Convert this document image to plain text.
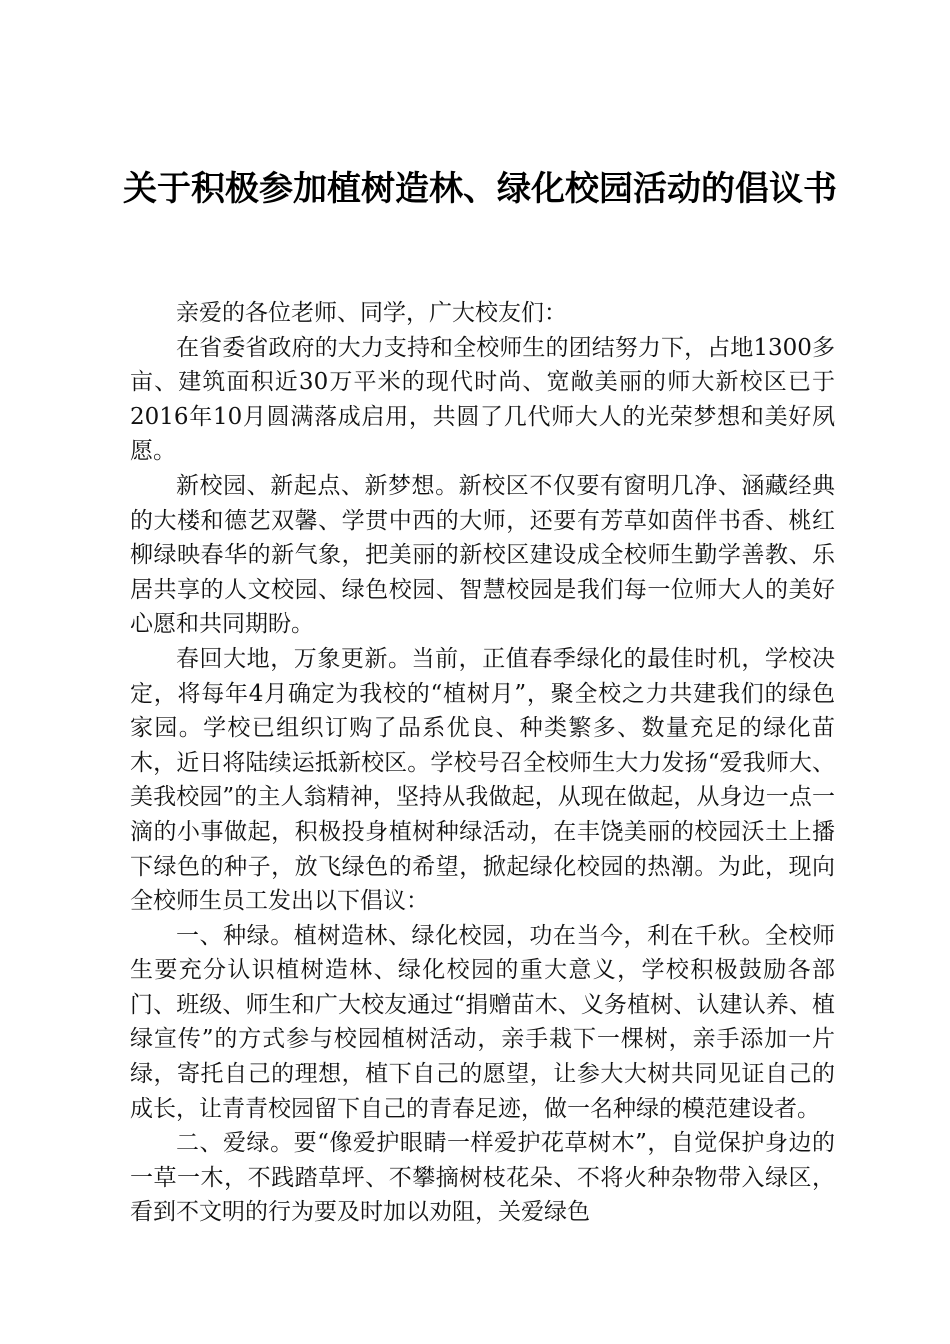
关于积极参加植树造林、绿化校园活动的倡议书

亲爱的各位老师、同学，广大校友们：

在省委省政府的大力支持和全校师生的团结努力下，占地1300多亩、建筑面积近30万平米的现代时尚、宽敞美丽的师大新校区已于2016年10月圆满落成启用，共圆了几代师大人的光荣梦想和美好夙愿。

新校园、新起点、新梦想。新校区不仅要有窗明几净、涵藏经典的大楼和德艺双馨、学贯中西的大师，还要有芳草如茵伴书香、桃红柳绿映春华的新气象，把美丽的新校区建设成全校师生勤学善教、乐居共享的人文校园、绿色校园、智慧校园是我们每一位师大人的美好心愿和共同期盼。

春回大地，万象更新。当前，正值春季绿化的最佳时机，学校决定，将每年4月确定为我校的“植树月”，聚全校之力共建我们的绿色家园。学校已组织订购了品系优良、种类繁多、数量充足的绿化苗木，近日将陆续运抵新校区。学校号召全校师生大力发扬“爱我师大、美我校园”的主人翁精神，坚持从我做起，从现在做起，从身边一点一滴的小事做起，积极投身植树种绿活动，在丰饶美丽的校园沃土上播下绿色的种子，放飞绿色的希望，掀起绿化校园的热潮。为此，现向全校师生员工发出以下倡议：

一、种绿。植树造林、绿化校园，功在当今，利在千秋。全校师生要充分认识植树造林、绿化校园的重大意义，学校积极鼓励各部门、班级、师生和广大校友通过“捐赠苗木、义务植树、认建认养、植绿宣传”的方式参与校园植树活动，亲手栽下一棵树，亲手添加一片绿，寄托自己的理想，植下自己的愿望，让参大大树共同见证自己的成长，让青青校园留下自己的青春足迹，做一名种绿的模范建设者。

二、爱绿。要“像爱护眼睛一样爱护花草树木”，自觉保护身边的一草一木，不践踏草坪、不攀摘树枝花朵、不将火种杂物带入绿区，看到不文明的行为要及时加以劝阻，关爱绿色
